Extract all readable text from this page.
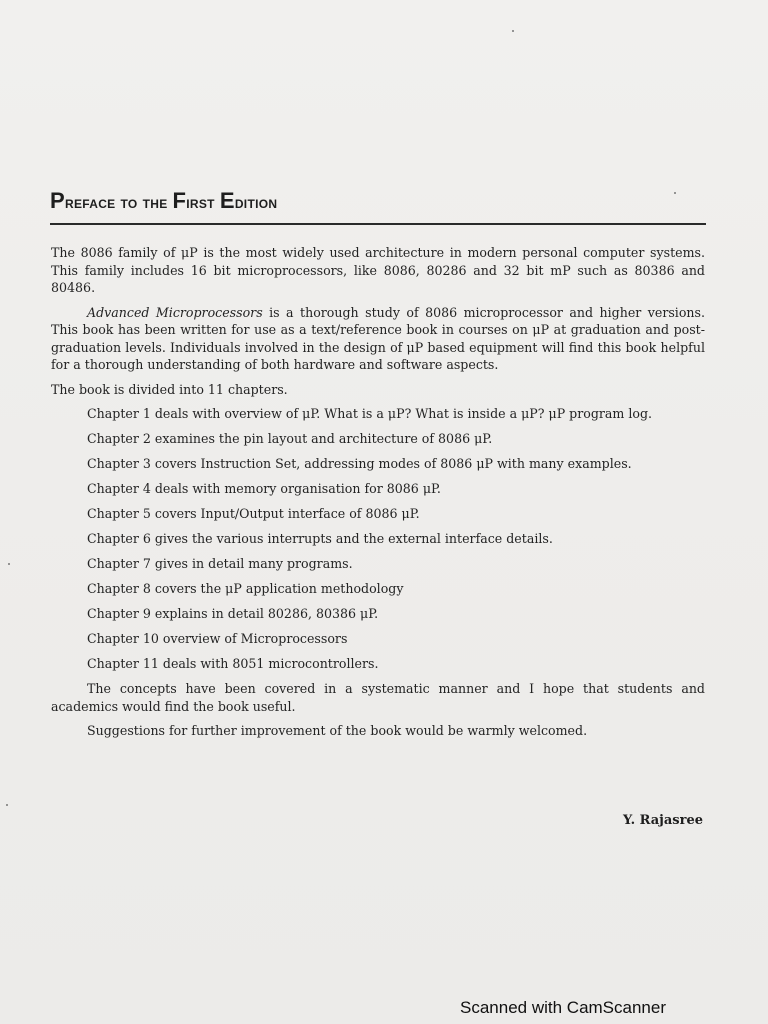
Preface to the First Edition

The 8086 family of μP is the most widely used architecture in modern personal computer systems. This family includes 16 bit microprocessors, like 8086, 80286 and 32 bit mP such as 80386 and 80486.

Advanced Microprocessors is a thorough study of 8086 microprocessor and higher versions. This book has been written for use as a text/reference book in courses on μP at graduation and post-graduation levels. Individuals involved in the design of μP based equipment will find this book helpful for a thorough understanding of both hardware and software aspects.

The book is divided into 11 chapters.

Chapter 1 deals with overview of μP. What is a μP? What is inside a μP? μP program log.
Chapter 2 examines the pin layout and architecture of 8086 μP.
Chapter 3 covers Instruction Set, addressing modes of 8086 μP with many examples.
Chapter 4 deals with memory organisation for 8086 μP.
Chapter 5 covers Input/Output interface of 8086 μP.
Chapter 6 gives the various interrupts and the external interface details.
Chapter 7 gives in detail many programs.
Chapter 8 covers the μP application methodology
Chapter 9 explains in detail 80286, 80386 μP.
Chapter 10 overview of Microprocessors
Chapter 11 deals with 8051 microcontrollers.

The concepts have been covered in a systematic manner and I hope that students and academics would find the book useful.

Suggestions for further improvement of the book would be warmly welcomed.

Y. Rajasree
Scanned with CamScanner
